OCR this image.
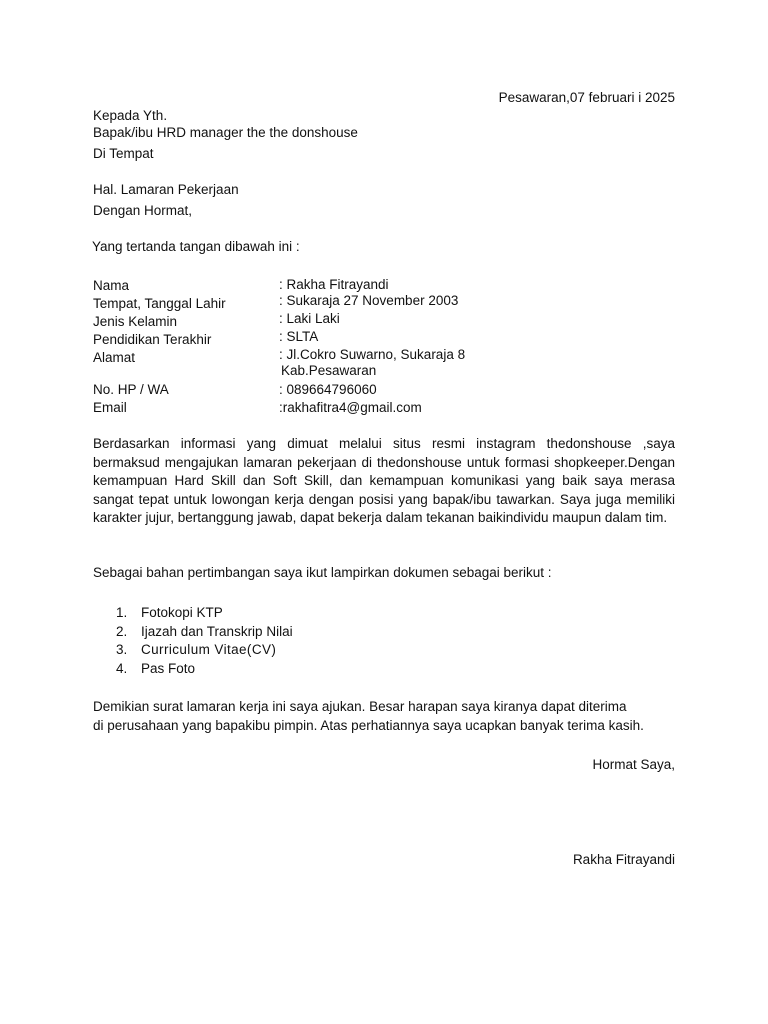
Pesawaran,07 februari i 2025
Kepada Yth.
Bapak/ibu HRD manager the the donshouse
Di Tempat
Hal. Lamaran Pekerjaan
Dengan Hormat,
Yang tertanda tangan dibawah ini :
Nama	: Rakha Fitrayandi
Tempat, Tanggal Lahir	: Sukaraja 27 November 2003
Jenis Kelamin	: Laki Laki
Pendidikan Terakhir	: SLTA
Alamat	: Jl.Cokro Suwarno, Sukaraja 8
Kab.Pesawaran
No. HP / WA	: 089664796060
Email	:rakhafitra4@gmail.com
Berdasarkan informasi yang dimuat melalui situs resmi instagram thedonshouse ,saya bermaksud mengajukan lamaran pekerjaan di thedonshouse untuk formasi shopkeeper.Dengan kemampuan Hard Skill dan Soft Skill, dan kemampuan komunikasi yang baik saya merasa sangat tepat untuk lowongan kerja dengan posisi yang bapak/ibu tawarkan. Saya juga memiliki karakter jujur, bertanggung jawab, dapat bekerja dalam tekanan baikindividu maupun dalam tim.
Sebagai bahan pertimbangan saya ikut lampirkan dokumen sebagai berikut :
1. Fotokopi KTP
2. Ijazah dan Transkrip Nilai
3. Curriculum Vitae(CV)
4. Pas Foto
Demikian surat lamaran kerja ini saya ajukan. Besar harapan saya kiranya dapat diterima
di perusahaan yang bapakibu pimpin. Atas perhatiannya saya ucapkan banyak terima kasih.
Hormat Saya,
Rakha Fitrayandi
